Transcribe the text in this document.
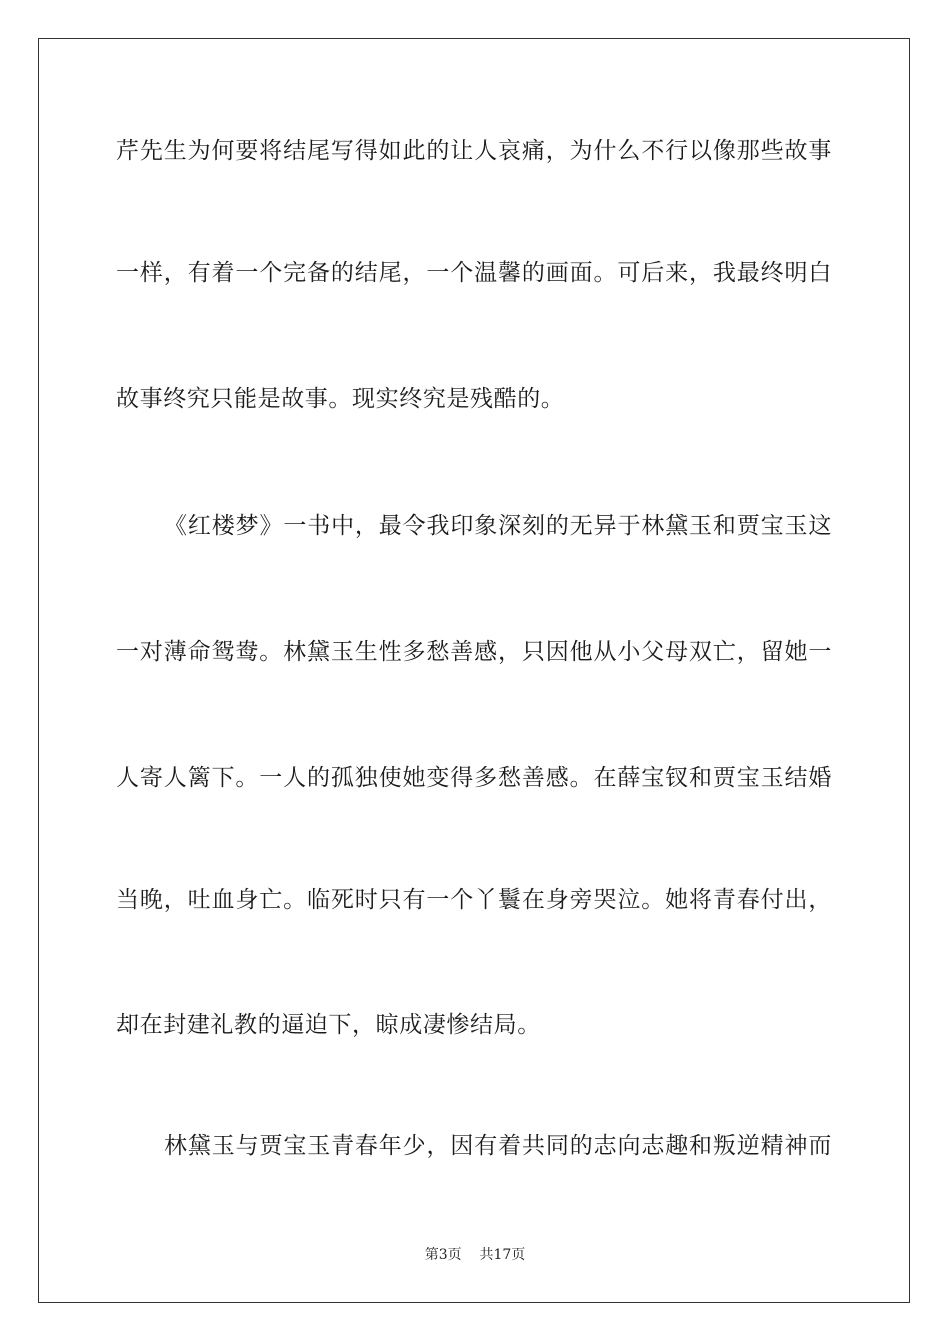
芹先生为何要将结尾写得如此的让人哀痛，为什么不行以像那些故事
一样，有着一个完备的结尾，一个温馨的画面。可后来，我最终明白
故事终究只能是故事。现实终究是残酷的。
《红楼梦》一书中，最令我印象深刻的无异于林黛玉和贾宝玉这
一对薄命鸳鸯。林黛玉生性多愁善感，只因他从小父母双亡，留她一
人寄人篱下。一人的孤独使她变得多愁善感。在薛宝钗和贾宝玉结婚
当晚，吐血身亡。临死时只有一个丫鬟在身旁哭泣。她将青春付出，
却在封建礼教的逼迫下，晾成凄惨结局。
林黛玉与贾宝玉青春年少，因有着共同的志向志趣和叛逆精神而
第3页 共17页
